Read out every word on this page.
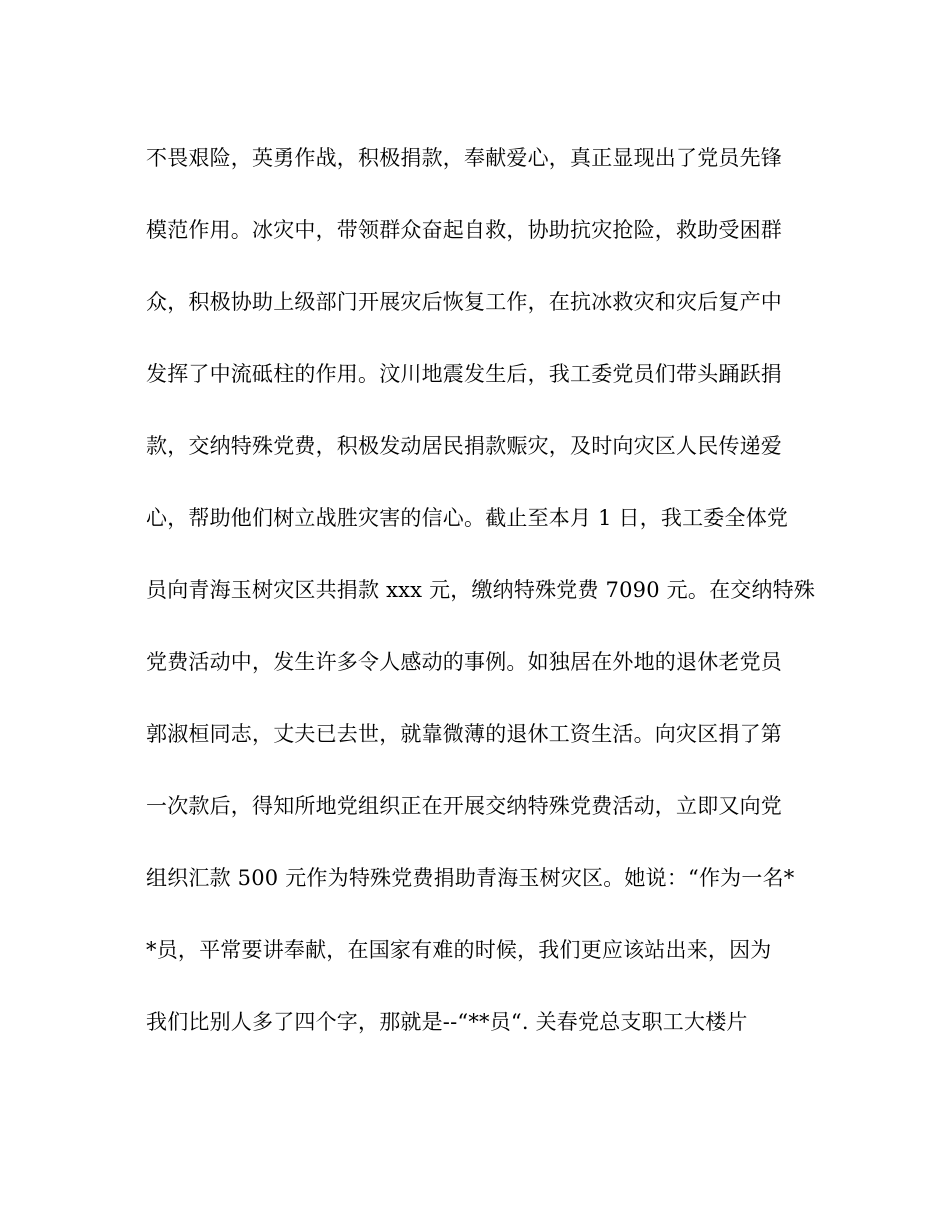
不畏艰险，英勇作战，积极捐款，奉献爱心，真正显现出了党员先锋
模范作用。冰灾中，带领群众奋起自救，协助抗灾抢险，救助受困群
众，积极协助上级部门开展灾后恢复工作，在抗冰救灾和灾后复产中
发挥了中流砥柱的作用。汶川地震发生后，我工委党员们带头踊跃捐
款，交纳特殊党费，积极发动居民捐款赈灾，及时向灾区人民传递爱
心，帮助他们树立战胜灾害的信心。截止至本月 1 日，我工委全体党
员向青海玉树灾区共捐款 xxx 元，缴纳特殊党费 7090 元。在交纳特殊
党费活动中，发生许多令人感动的事例。如独居在外地的退休老党员
郭淑桓同志，丈夫已去世，就靠微薄的退休工资生活。向灾区捐了第
一次款后，得知所地党组织正在开展交纳特殊党费活动，立即又向党
组织汇款 500 元作为特殊党费捐助青海玉树灾区。她说：“作为一名*
*员，平常要讲奉献，在国家有难的时候，我们更应该站出来，因为
我们比别人多了四个字，那就是--“**员“. 关春党总支职工大楼片
